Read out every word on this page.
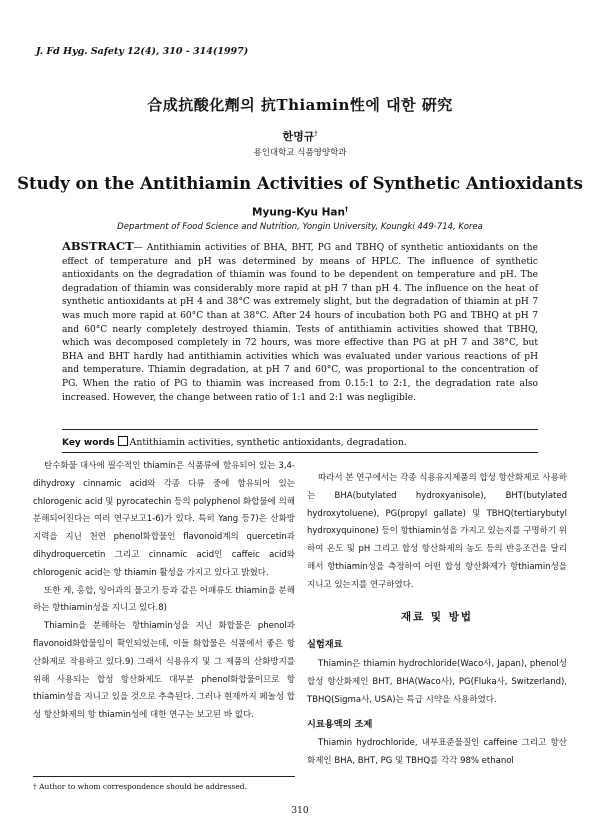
J. Fd Hyg. Safety 12(4), 310 - 314(1997)
合成抗酸化劑의 抗Thiamin性에 대한 硏究
한명규†
용인대학교 식품영양학과
Study on the Antithiamin Activities of Synthetic Antioxidants
Myung-Kyu Han†
Department of Food Science and Nutrition, Yongin University, Koungki 449-714, Korea
ABSTRACT— Antithiamin activities of BHA, BHT, PG and TBHQ of synthetic antioxidants on the effect of temperature and pH was determined by means of HPLC. The influence of synthetic antioxidants on the degradation of thiamin was found to be dependent on temperature and pH. The degradation of thiamin was considerably more rapid at pH 7 than pH 4. The influence on the heat of synthetic antioxidants at pH 4 and 38°C was extremely slight, but the degradation of thiamin at pH 7 was much more rapid at 60°C than at 38°C. After 24 hours of incubation both PG and TBHQ at pH 7 and 60°C nearly completely destroyed thiamin. Tests of antithiamin activities showed that TBHQ, which was decomposed completely in 72 hours, was more effective than PG at pH 7 and 38°C, but BHA and BHT hardly had antithiamin activities which was evaluated under various reactions of pH and temperature. Thiamin degradation, at pH 7 and 60°C, was proportional to the concentration of PG. When the ratio of PG to thiamin was increased from 0.15:1 to 2:1, the degradation rate also increased. However, the change between ratio of 1:1 and 2:1 was negligible.
Key words Antithiamin activities, synthetic antioxidants, degradation.

탄수화물 대사에 필수적인 thiamin은 식품류에 함유되어 있는 3,4-dihydroxy cinnamic acid와 각종 다류 중에 함유되어 있는 chlorogenic acid 및 pyrocatechin 등의 polyphenol 화합물에 의해 분해되어진다는 여러 연구보고1-6)가 있다. 특히 Yang 등7)은 산화방지력을 지닌 천연 phenol화합물인 flavonoid계의 quercetin과 dihydroquercetin 그리고 cinnamic acid인 caffeic acid와 chlorogenic acid는 항 thiamin 활성을 가지고 있다고 밝혔다.

또한 게, 홍합, 잉어과의 물고기 등과 같은 어패류도 thiamin을 분해하는 항thiamin성을 지니고 있다.8)

Thiamin을 분해하는 항thiamin성을 지닌 화합물은 phenol과 flavonoid화합물임이 확인되었는데, 이들 화합물은 식품에서 좋은 항산화제로 작용하고 있다.9) 그래서 식용유지 및 그 제품의 산화방지를 위해 사용되는 합성 항산화제도 대부분 phenol화합물이므로 항thiamin성을 지니고 있을 것으로 추측된다. 그러나 현재까지 페놀성 합성 항산화제의 항 thiamin성에 대한 연구는 보고된 바 없다.

따라서 본 연구에서는 각종 식용유지제품의 합성 항산화제로 사용하는 BHA(butylated hydroxyanisole), BHT(butylated hydroxytoluene), PG(propyl gallate) 및 TBHQ(tertiarybutyl hydroxyquinone) 등이 항thiamin성을 가지고 있는지를 구명하기 위하여 온도 및 pH 그리고 합성 항산화제의 농도 등의 반응조건을 달리해서 항thiamin성을 측정하여 어떤 합성 항산화제가 항thiamin성을 지니고 있는지를 연구하였다.

재료 및 방법
실험재료

Thiamin은 thiamin hydrochloride(Waco사, Japan), phenol성 합성 항산화제인 BHT, BHA(Waco사), PG(Fluka사, Switzerland), TBHQ(Sigma사, USA)는 특급 시약을 사용하였다.

시료용액의 조제

Thiamin hydrochloride, 내부표준물질인 caffeine 그리고 항산화제인 BHA, BHT, PG 및 TBHQ를 각각 98% ethanol

† Author to whom correspondence should be addressed.
310
